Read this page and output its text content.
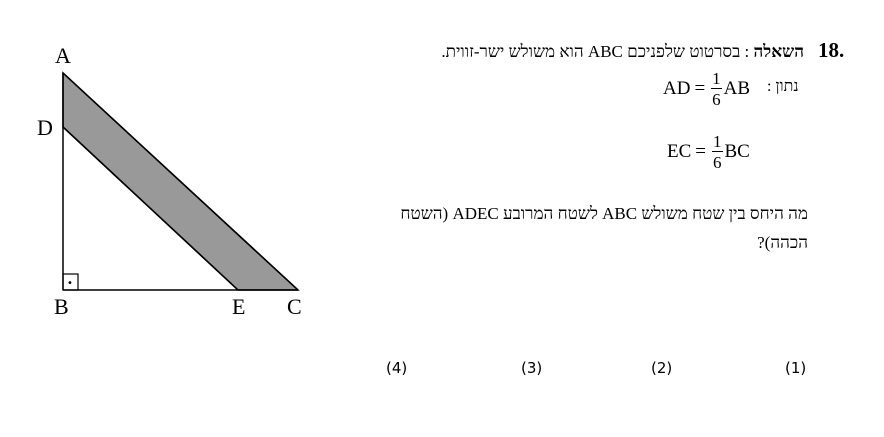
•
A
D
B	E C
18.
השאלה : בסרטוט שלפניכם ABC הוא משולש ישר-זווית.
נתון :
AD = $\frac{1}{6}$ AB
EC = $\frac{1}{6}$ BC
מה היחס בין שטח משולש ABC לשטח המרובע ADEC (השטח
הכהה)?
(1)
(2)
(3)
(4)
